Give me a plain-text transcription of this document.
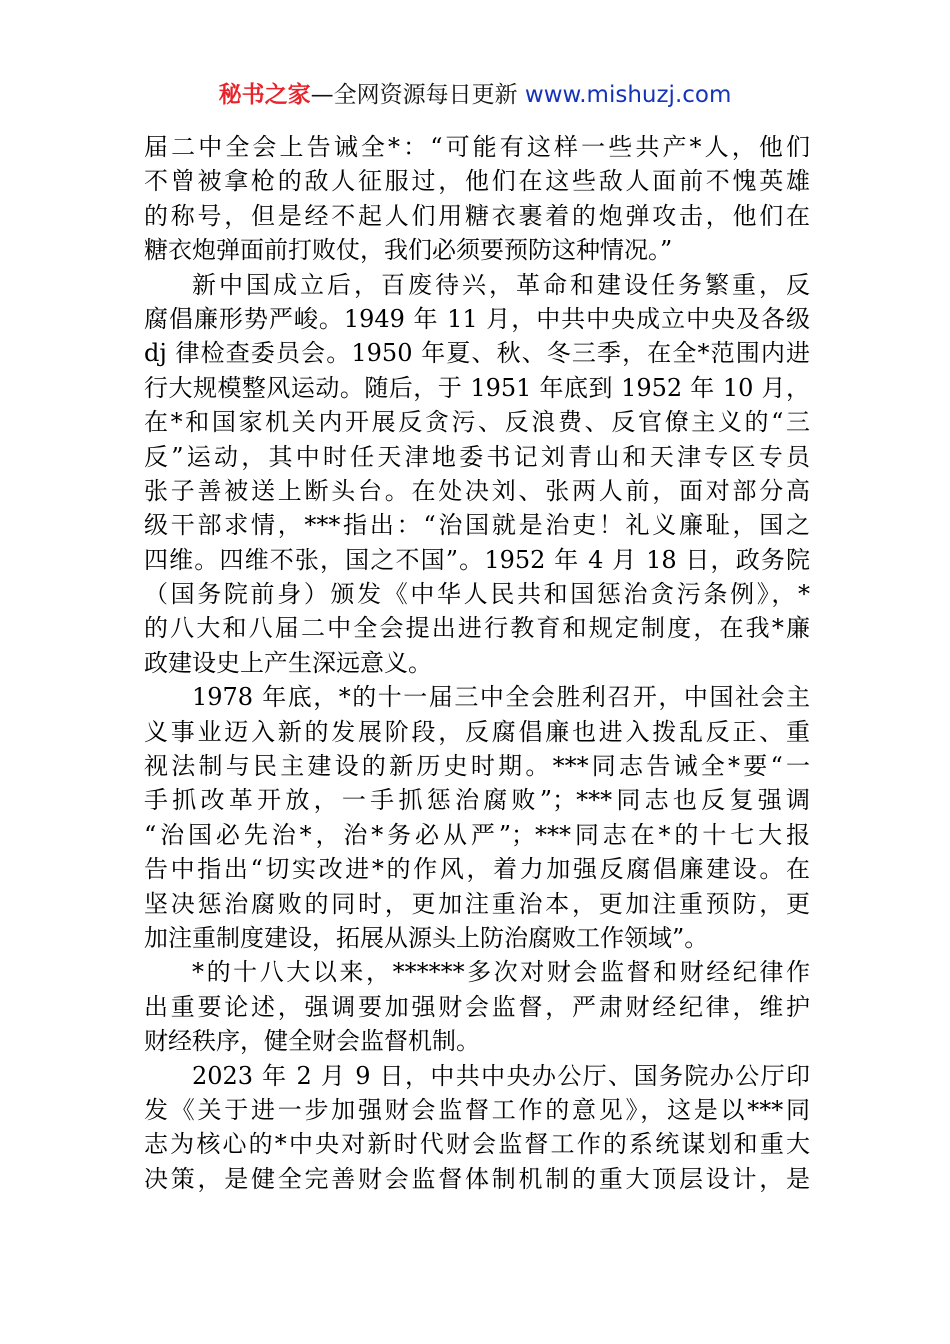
秘书之家—全网资源每日更新 www.mishuzj.com
届二中全会上告诫全*：“可能有这样一些共产*人，他们
不曾被拿枪的敌人征服过，他们在这些敌人面前不愧英雄
的称号，但是经不起人们用糖衣裹着的炮弹攻击，他们在
糖衣炮弹面前打败仗，我们必须要预防这种情况。”
新中国成立后，百废待兴，革命和建设任务繁重，反
腐倡廉形势严峻。1949 年 11 月，中共中央成立中央及各级
dj 律检查委员会。1950 年夏、秋、冬三季，在全*范围内进
行大规模整风运动。随后，于 1951 年底到 1952 年 10 月，
在*和国家机关内开展反贪污、反浪费、反官僚主义的“三
反”运动，其中时任天津地委书记刘青山和天津专区专员
张子善被送上断头台。在处决刘、张两人前，面对部分高
级干部求情，***指出：“治国就是治吏！礼义廉耻，国之
四维。四维不张，国之不国”。1952 年 4 月 18 日，政务院
（国务院前身）颁发《中华人民共和国惩治贪污条例》，*
的八大和八届二中全会提出进行教育和规定制度，在我*廉
政建设史上产生深远意义。
1978 年底，*的十一届三中全会胜利召开，中国社会主
义事业迈入新的发展阶段，反腐倡廉也进入拨乱反正、重
视法制与民主建设的新历史时期。***同志告诫全*要“一
手抓改革开放，一手抓惩治腐败”；***同志也反复强调
“治国必先治*，治*务必从严”；***同志在*的十七大报
告中指出“切实改进*的作风，着力加强反腐倡廉建设。在
坚决惩治腐败的同时，更加注重治本，更加注重预防，更
加注重制度建设，拓展从源头上防治腐败工作领域”。
*的十八大以来，******多次对财会监督和财经纪律作
出重要论述，强调要加强财会监督，严肃财经纪律，维护
财经秩序，健全财会监督机制。
2023 年 2 月 9 日，中共中央办公厅、国务院办公厅印
发《关于进一步加强财会监督工作的意见》，这是以***同
志为核心的*中央对新时代财会监督工作的系统谋划和重大
决策，是健全完善财会监督体制机制的重大顶层设计，是
